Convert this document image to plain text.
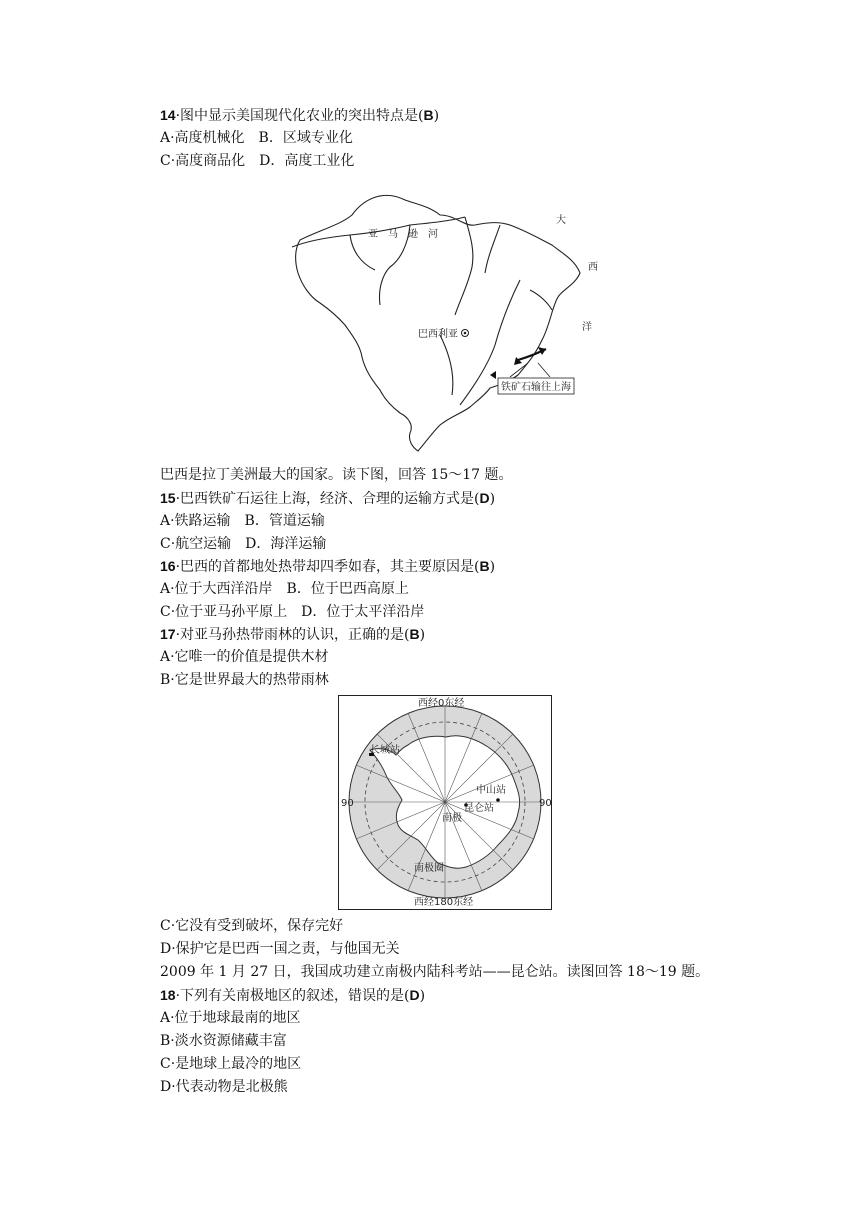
14·图中显示美国现代化农业的突出特点是(B)
A·高度机械化　B．区域专业化
C·高度商品化　D．高度工业化
亚　马　逊　河
大
西
洋
巴西利亚
铁矿石输往上海
巴西是拉丁美洲最大的国家。读下图，回答 15～17 题。
15·巴西铁矿石运往上海，经济、合理的运输方式是(D)
A·铁路运输　B．管道运输
C·航空运输　D．海洋运输
16·巴西的首都地处热带却四季如春，其主要原因是(B)
A·位于大西洋沿岸　B．位于巴西高原上
C·位于亚马孙平原上　D．位于太平洋沿岸
17·对亚马孙热带雨林的认识，正确的是(B)
A·它唯一的价值是提供木材
B·它是世界最大的热带雨林
西经0东经
西经180东经
90	90
长城站
中山站
昆仑站
南极
南极圈
C·它没有受到破坏，保存完好
D·保护它是巴西一国之责，与他国无关
2009 年 1 月 27 日，我国成功建立南极内陆科考站——昆仑站。读图回答 18～19 题。
18·下列有关南极地区的叙述，错误的是(D)
A·位于地球最南的地区
B·淡水资源储藏丰富
C·是地球上最冷的地区
D·代表动物是北极熊
